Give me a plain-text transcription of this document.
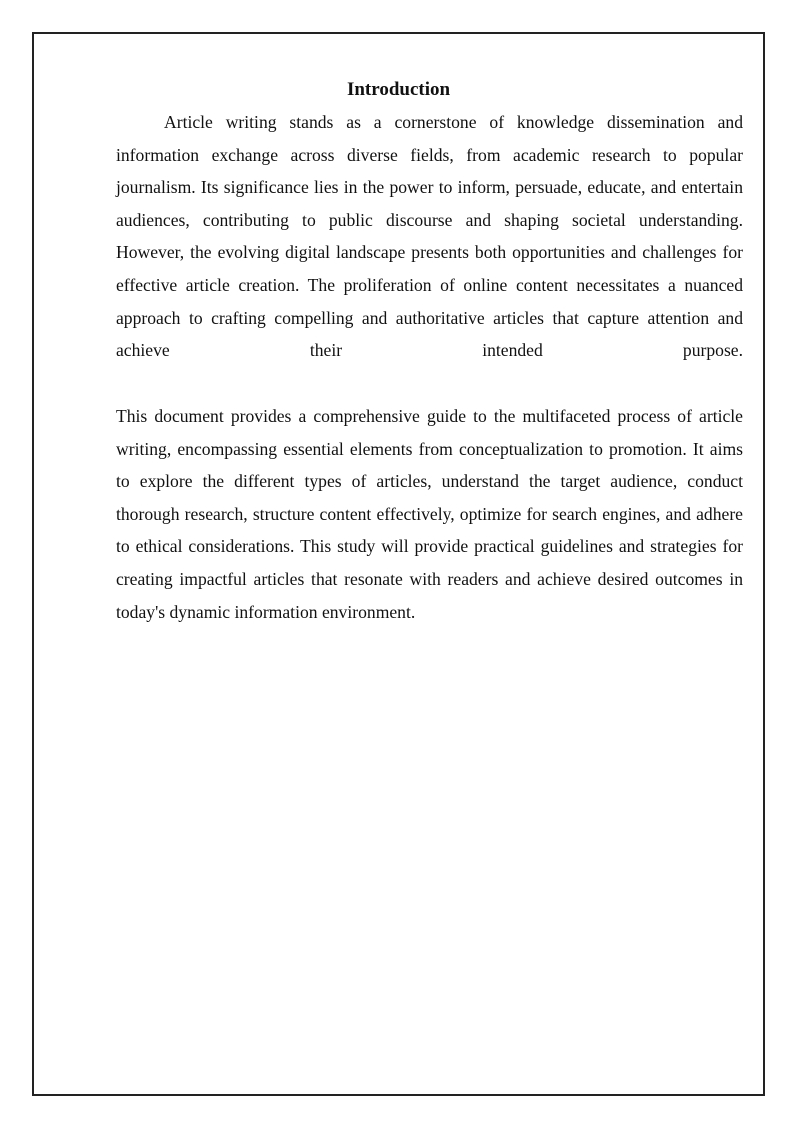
Introduction

Article writing stands as a cornerstone of knowledge dissemination and information exchange across diverse fields, from academic research to popular journalism. Its significance lies in the power to inform, persuade, educate, and entertain audiences, contributing to public discourse and shaping societal understanding. However, the evolving digital landscape presents both opportunities and challenges for effective article creation. The proliferation of online content necessitates a nuanced approach to crafting compelling and authoritative articles that capture attention and achieve their intended purpose.

This document provides a comprehensive guide to the multifaceted process of article writing, encompassing essential elements from conceptualization to promotion. It aims to explore the different types of articles, understand the target audience, conduct thorough research, structure content effectively, optimize for search engines, and adhere to ethical considerations. This study will provide practical guidelines and strategies for creating impactful articles that resonate with readers and achieve desired outcomes in today's dynamic information environment.
